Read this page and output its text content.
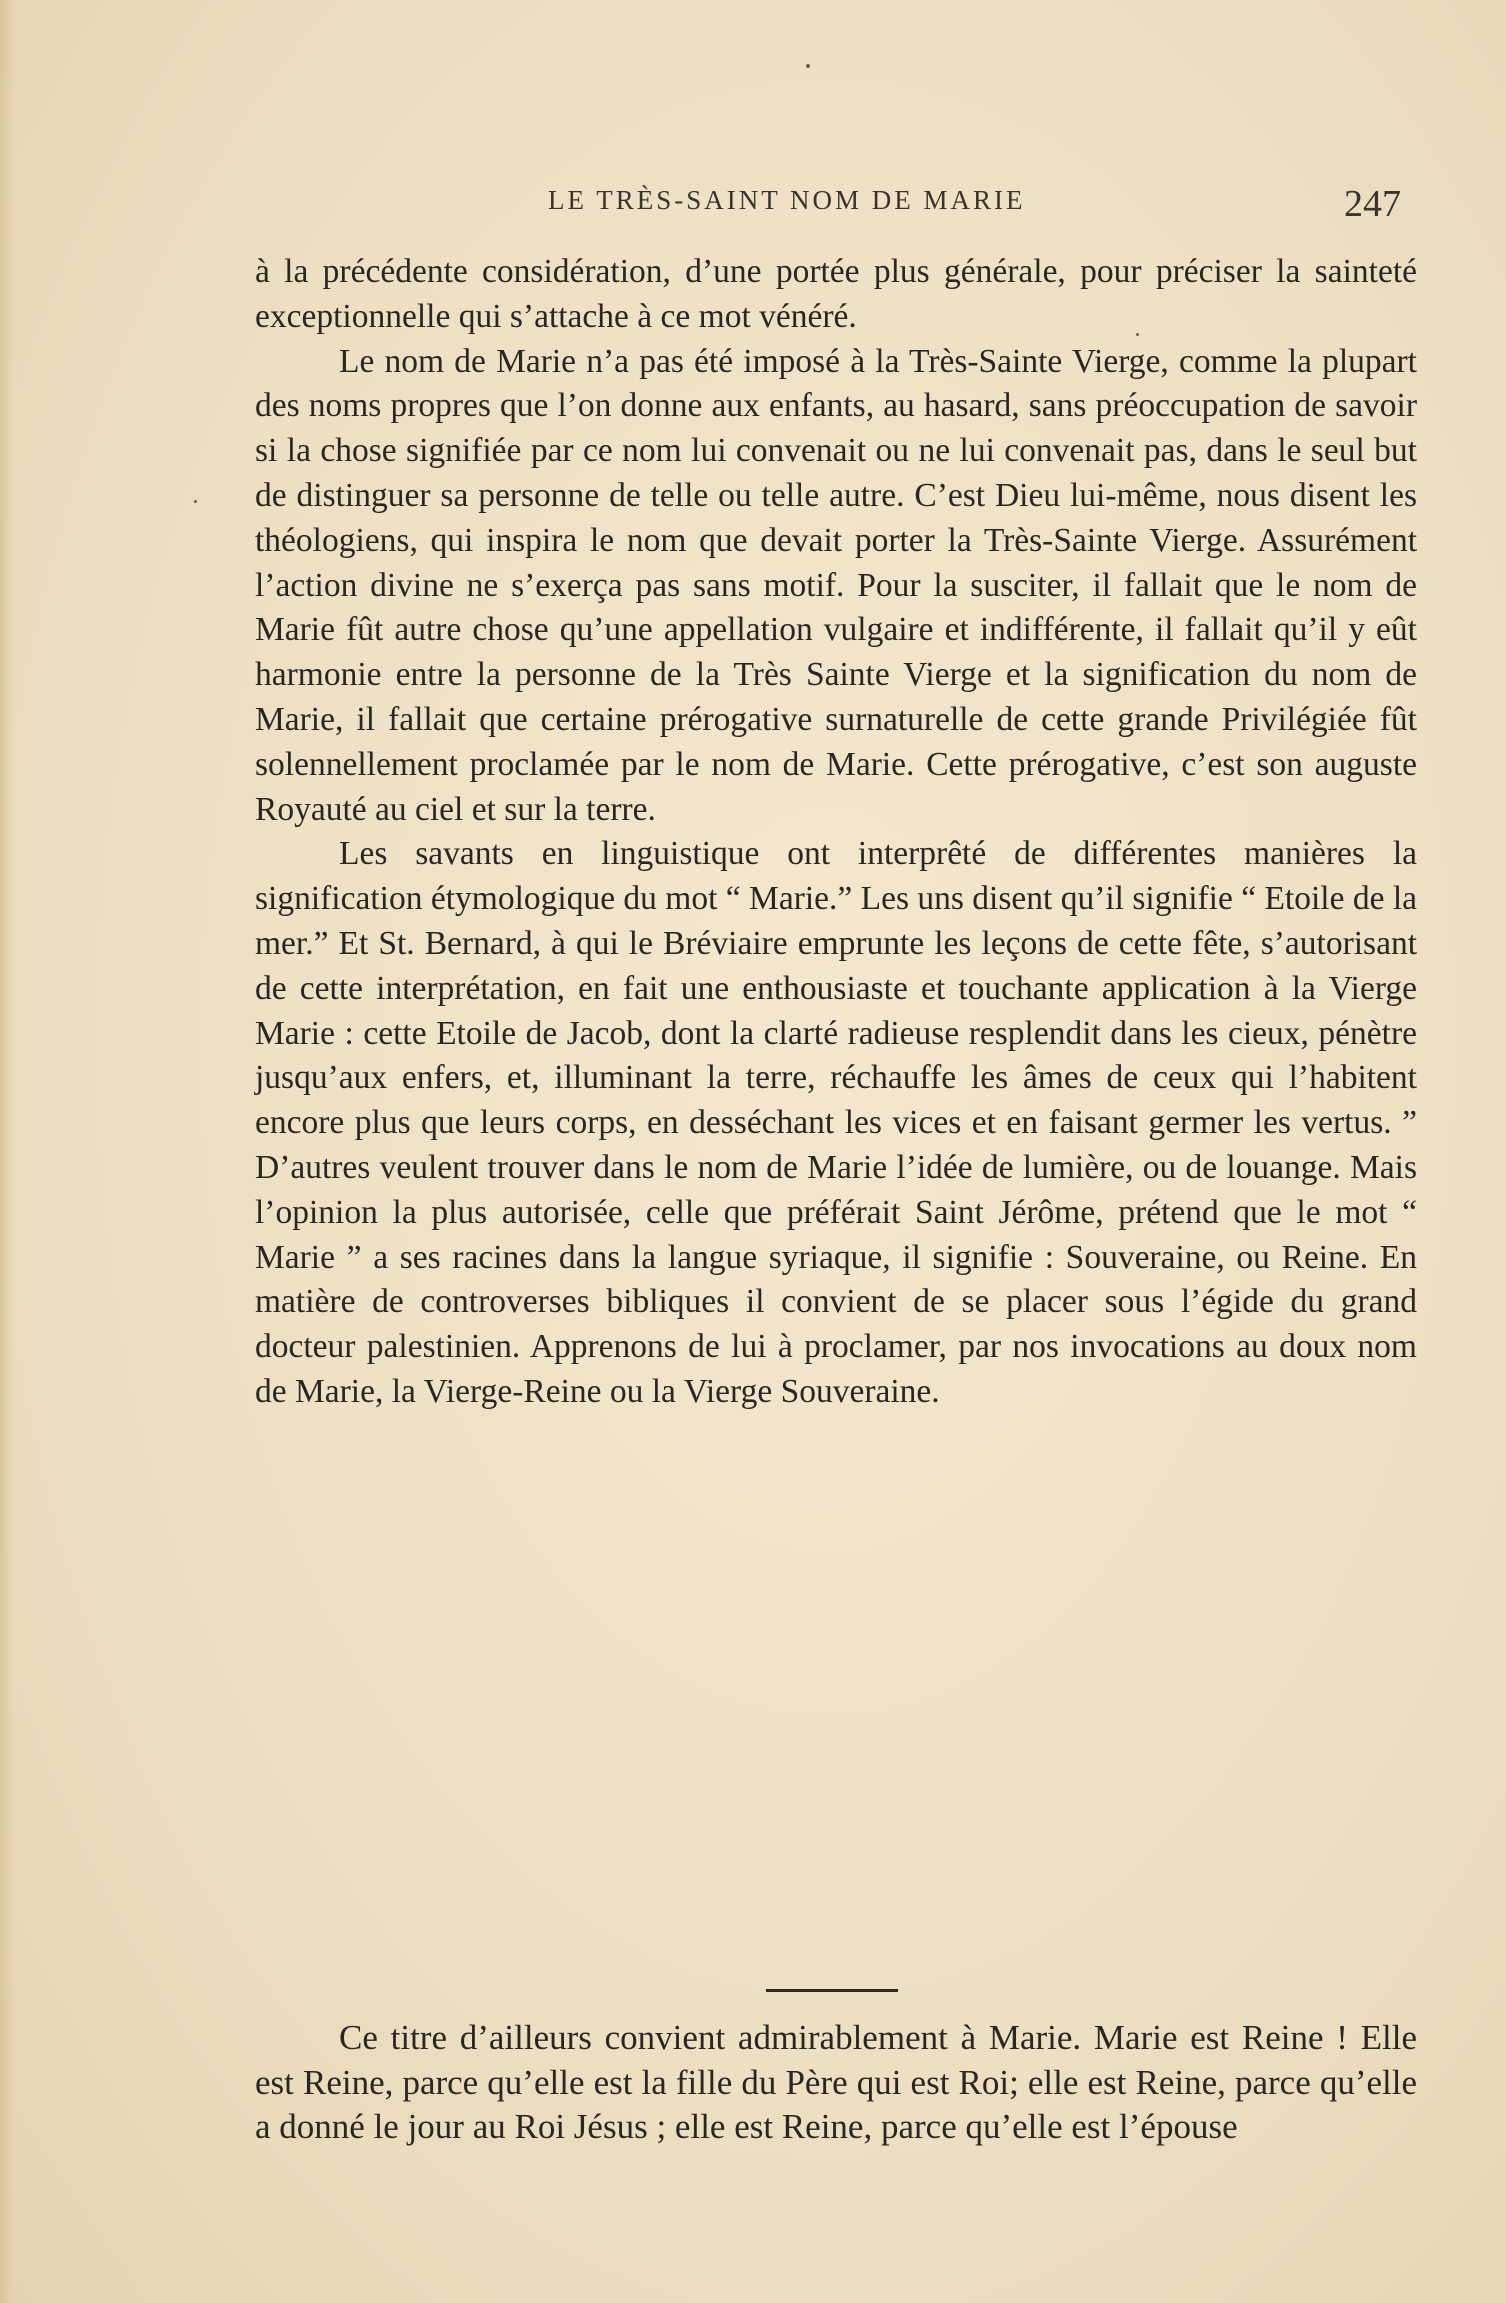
LE TRÈS-SAINT NOM DE MARIE	247

à la précédente considération, d’une portée plus générale, pour préciser la sainteté exceptionnelle qui s’attache à ce mot vénéré.

Le nom de Marie n’a pas été imposé à la Très-Sainte Vierge, comme la plupart des noms propres que l’on donne aux enfants, au hasard, sans préoccupation de savoir si la chose signifiée par ce nom lui convenait ou ne lui convenait pas, dans le seul but de distinguer sa personne de telle ou telle autre. C’est Dieu lui-même, nous disent les théologiens, qui inspira le nom que devait porter la Très-Sainte Vierge. Assurément l’action divine ne s’exerça pas sans motif. Pour la susciter, il fallait que le nom de Marie fût autre chose qu’une appellation vulgaire et indifférente, il fallait qu’il y eût harmonie entre la personne de la Très Sainte Vierge et la signification du nom de Marie, il fallait que certaine prérogative surnaturelle de cette grande Privilégiée fût solennellement proclamée par le nom de Marie. Cette prérogative, c’est son auguste Royauté au ciel et sur la terre.

Les savants en linguistique ont interprêté de différentes manières la signification étymologique du mot “ Marie.” Les uns disent qu’il signifie “ Etoile de la mer.” Et St. Bernard, à qui le Bréviaire emprunte les leçons de cette fête, s’autorisant de cette interprétation, en fait une enthousiaste et touchante application à la Vierge Marie : cette Etoile de Jacob, dont la clarté radieuse resplendit dans les cieux, pénètre jusqu’aux enfers, et, illuminant la terre, réchauffe les âmes de ceux qui l’habitent encore plus que leurs corps, en desséchant les vices et en faisant germer les vertus. ” D’autres veulent trouver dans le nom de Marie l’idée de lumière, ou de louange. Mais l’opinion la plus autorisée, celle que préférait Saint Jérôme, prétend que le mot “ Marie ” a ses racines dans la langue syriaque, il signifie : Souveraine, ou Reine. En matière de controverses bibliques il convient de se placer sous l’égide du grand docteur palestinien. Apprenons de lui à proclamer, par nos invocations au doux nom de Marie, la Vierge-Reine ou la Vierge Souveraine.

Ce titre d’ailleurs convient admirablement à Marie. Marie est Reine ! Elle est Reine, parce qu’elle est la fille du Père qui est Roi; elle est Reine, parce qu’elle a donné le jour au Roi Jésus ; elle est Reine, parce qu’elle est l’épouse
